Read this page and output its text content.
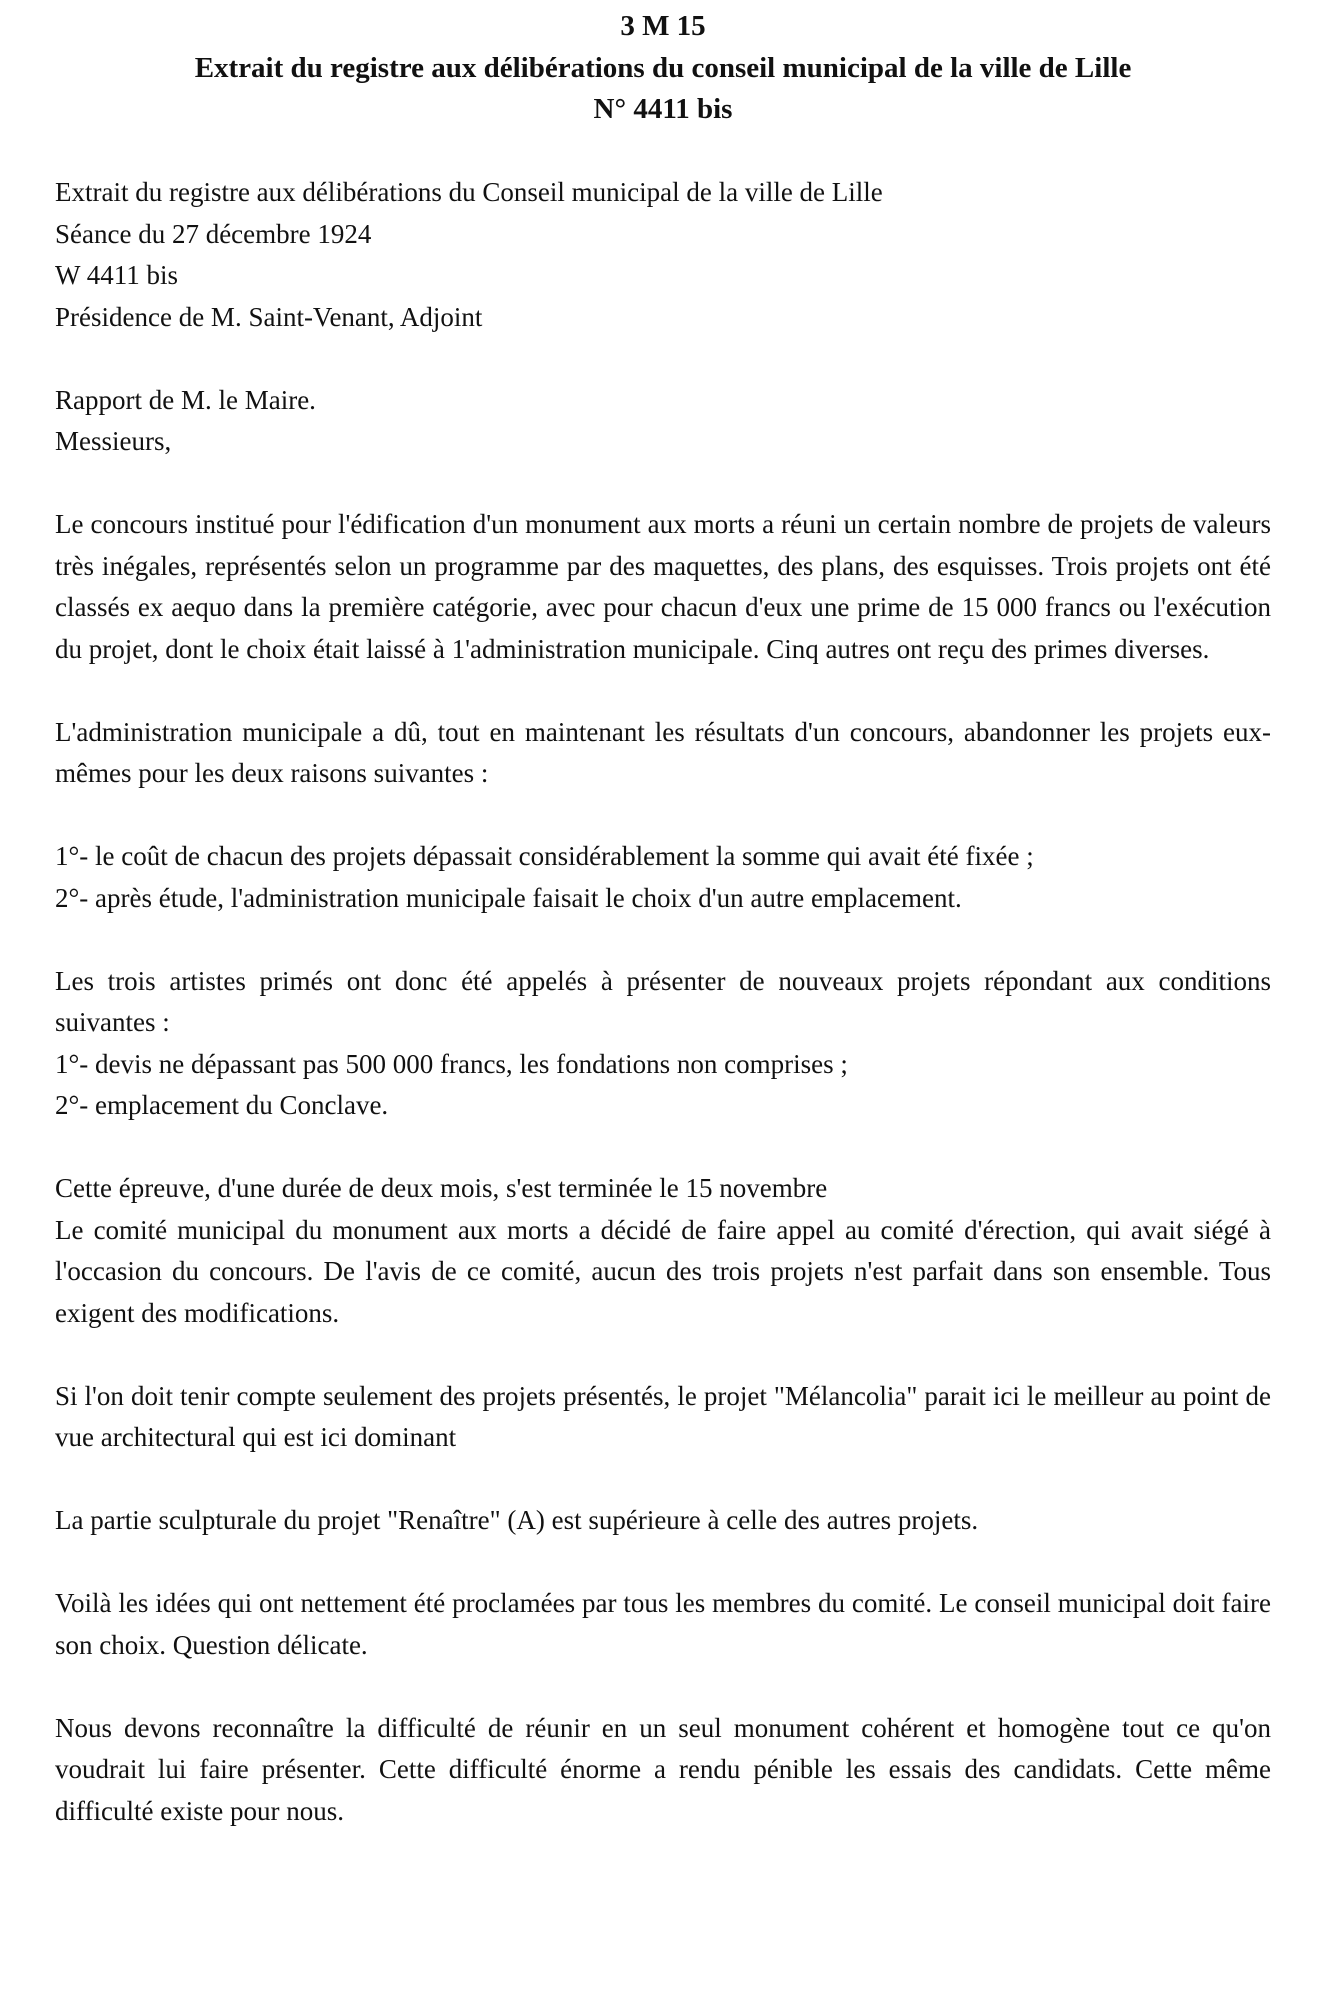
3 M 15

Extrait du registre aux délibérations du conseil municipal de la ville de Lille

N° 4411 bis

Extrait du registre aux délibérations du Conseil municipal de la ville de Lille

Séance du 27 décembre 1924

W 4411 bis

Présidence de M. Saint-Venant, Adjoint

Rapport de M. le Maire.

Messieurs,

Le concours institué pour l'édification d'un monument aux morts a réuni un certain nombre de projets de valeurs très inégales, représentés selon un programme par des maquettes, des plans, des esquisses. Trois projets ont été classés ex aequo dans la première catégorie, avec pour chacun d'eux une prime de 15 000 francs ou l'exécution du projet, dont le choix était laissé à 1'administration municipale. Cinq autres ont reçu des primes diverses.

L'administration municipale a dû, tout en maintenant les résultats d'un concours, abandonner les projets eux-mêmes pour les deux raisons suivantes :

1°- le coût de chacun des projets dépassait considérablement la somme qui avait été fixée ;

2°- après étude, l'administration municipale faisait le choix d'un autre emplacement.

Les trois artistes primés ont donc été appelés à présenter de nouveaux projets répondant aux conditions suivantes :

1°- devis ne dépassant pas 500 000 francs, les fondations non comprises ;

2°- emplacement du Conclave.

Cette épreuve, d'une durée de deux mois, s'est terminée le 15 novembre

Le comité municipal du monument aux morts a décidé de faire appel au comité d'érection, qui avait siégé à l'occasion du concours. De l'avis de ce comité, aucun des trois projets n'est parfait dans son ensemble. Tous exigent des modifications.

Si l'on doit tenir compte seulement des projets présentés, le projet "Mélancolia" parait ici le meilleur au point de vue architectural qui est ici dominant

La partie sculpturale du projet "Renaître" (A) est supérieure à celle des autres projets.

Voilà les idées qui ont nettement été proclamées par tous les membres du comité. Le conseil municipal doit faire son choix. Question délicate.

Nous devons reconnaître la difficulté de réunir en un seul monument cohérent et homogène tout ce qu'on voudrait lui faire présenter. Cette difficulté énorme a rendu pénible les essais des candidats. Cette même difficulté existe pour nous.
